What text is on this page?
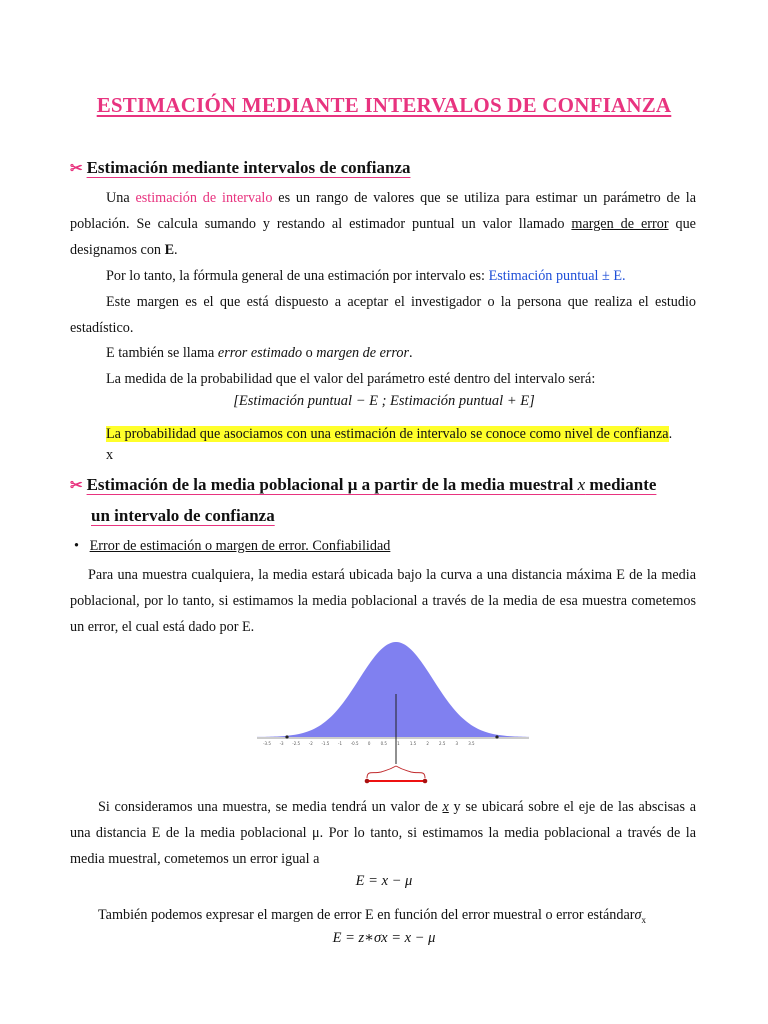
ESTIMACIÓN MEDIANTE INTERVALOS DE CONFIANZA
✂ Estimación mediante intervalos de confianza
Una estimación de intervalo es un rango de valores que se utiliza para estimar un parámetro de la población. Se calcula sumando y restando al estimador puntual un valor llamado margen de error que designamos con E.
Por lo tanto, la fórmula general de una estimación por intervalo es: Estimación puntual ± E.
Este margen es el que está dispuesto a aceptar el investigador o la persona que realiza el estudio estadístico.
E también se llama error estimado o margen de error.
La medida de la probabilidad que el valor del parámetro esté dentro del intervalo será:
[Estimación puntual − E ; Estimación puntual + E]
La probabilidad que asociamos con una estimación de intervalo se conoce como nivel de confianza.
x
✂ Estimación de la media poblacional μ a partir de la media muestral x mediante
un intervalo de confianza
• Error de estimación o margen de error. Confiabilidad
Para una muestra cualquiera, la media estará ubicada bajo la curva a una distancia máxima E de la media poblacional, por lo tanto, si estimamos la media poblacional a través de la media de esa muestra cometemos un error, el cual está dado por E.
-3.5 -3 -2.5 -2 -1.5 -1 -0.5 0	0.5	1	1.5	2	2.5	3	3.5
Si consideramos una muestra, se media tendrá un valor de x y se ubicará sobre el eje de las abscisas a una distancia E de la media poblacional μ. Por lo tanto, si estimamos la media poblacional a través de la media muestral, cometemos un error igual a
E = x − μ
También podemos expresar el margen de error E en función del error muestral o error estándarσ$_x$
E = z∗σx = x − μ
